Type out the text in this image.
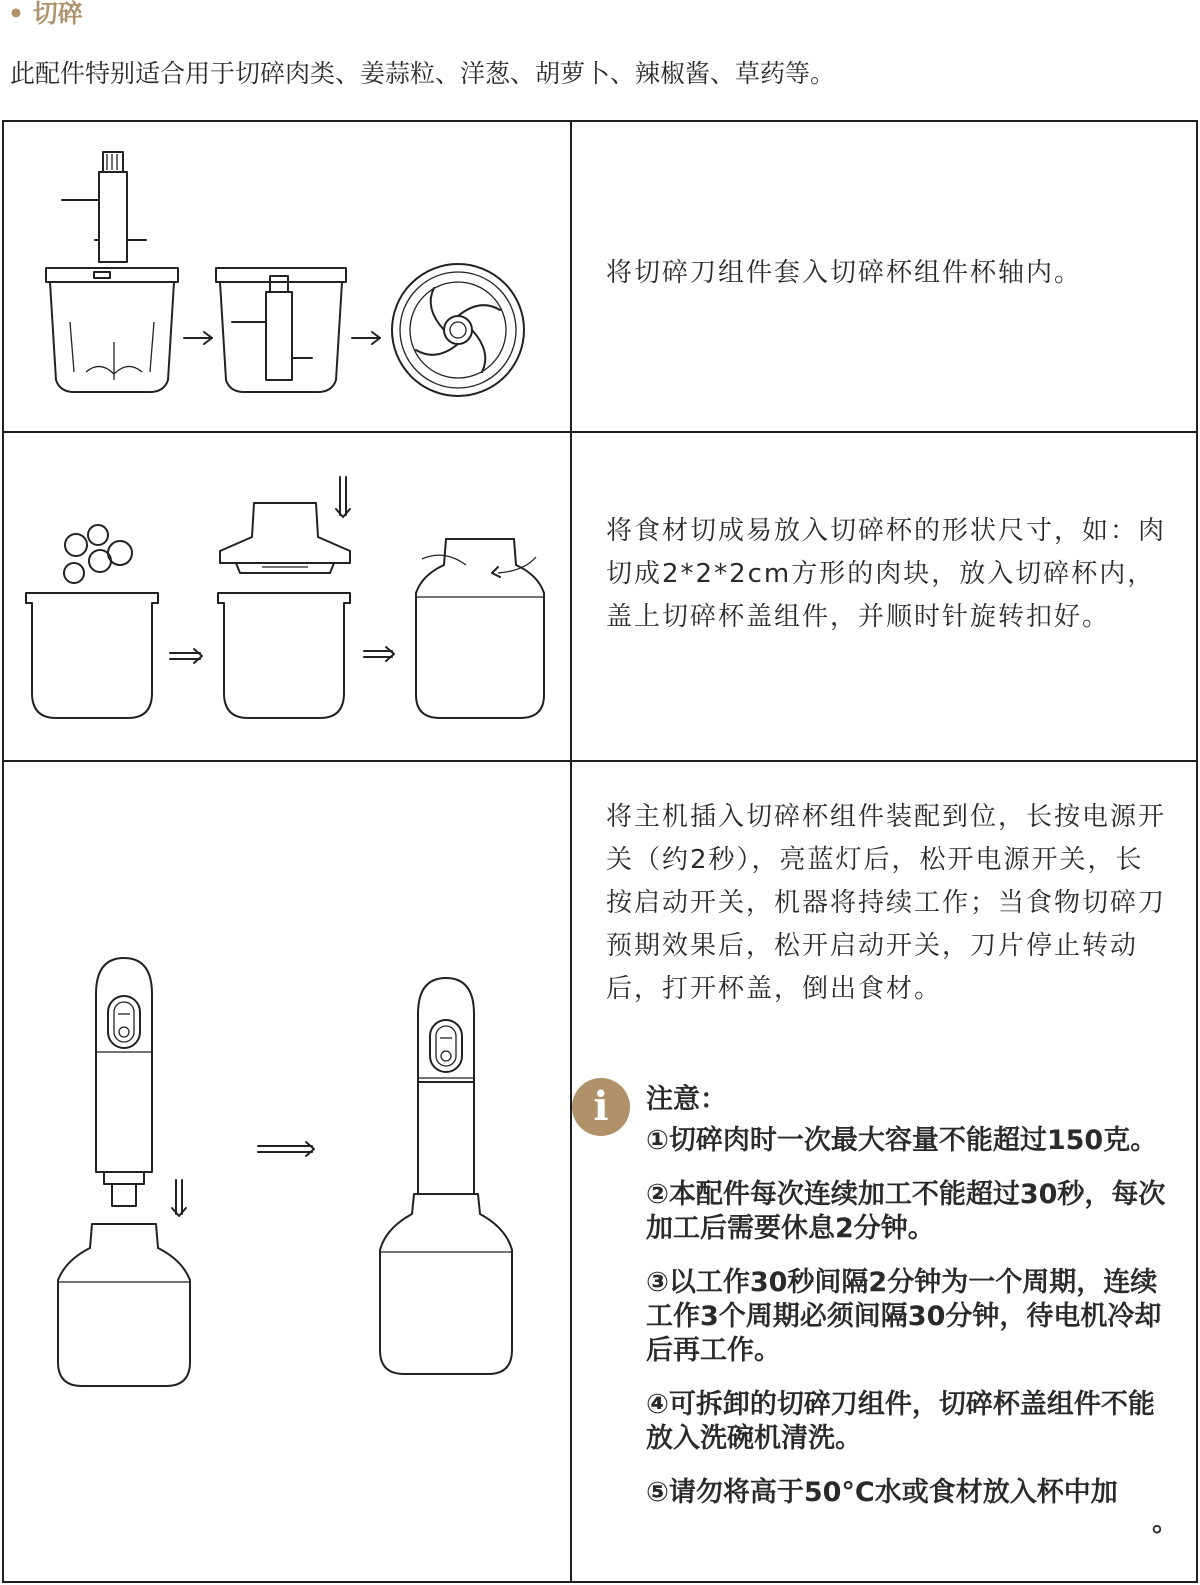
• 切碎
此配件特别适合用于切碎肉类、姜蒜粒、洋葱、胡萝卜、辣椒酱、草药等。
将切碎刀组件套入切碎杯组件杯轴内。
将食材切成易放入切碎杯的形状尺寸，如：肉切成2*2*2cm方形的肉块，放入切碎杯内，盖上切碎杯盖组件，并顺时针旋转扣好。
将主机插入切碎杯组件装配到位，长按电源开关（约2秒），亮蓝灯后，松开电源开关，长按启动开关，机器将持续工作；当食物切碎刀预期效果后，松开启动开关，刀片停止转动后，打开杯盖，倒出食材。
i	注意：
①切碎肉时一次最大容量不能超过150克。
②本配件每次连续加工不能超过30秒，每次加工后需要休息2分钟。
③以工作30秒间隔2分钟为一个周期，连续工作3个周期必须间隔30分钟，待电机冷却后再工作。
④可拆卸的切碎刀组件，切碎杯盖组件不能放入洗碗机清洗。
⑤请勿将高于50°C水或食材放入杯中加
。
